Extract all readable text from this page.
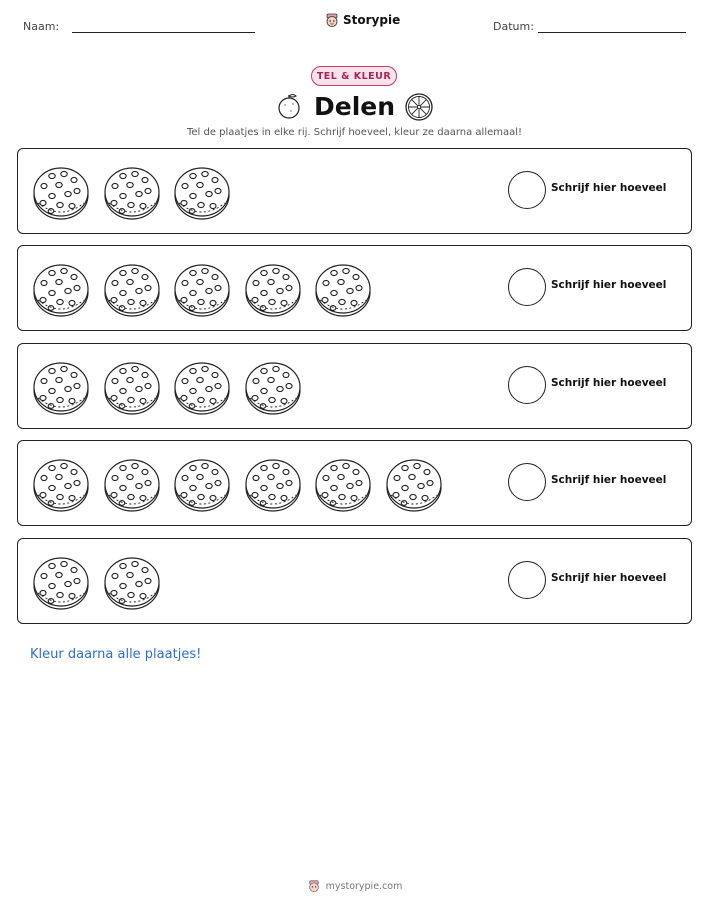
Naam:	Storypie	Datum:
TEL & KLEUR
Delen
Tel de plaatjes in elke rij. Schrijf hoeveel, kleur ze daarna allemaal!
Schrijf hier hoeveel
Schrijf hier hoeveel
Schrijf hier hoeveel
Schrijf hier hoeveel
Schrijf hier hoeveel
Kleur daarna alle plaatjes!
mystorypie.com
